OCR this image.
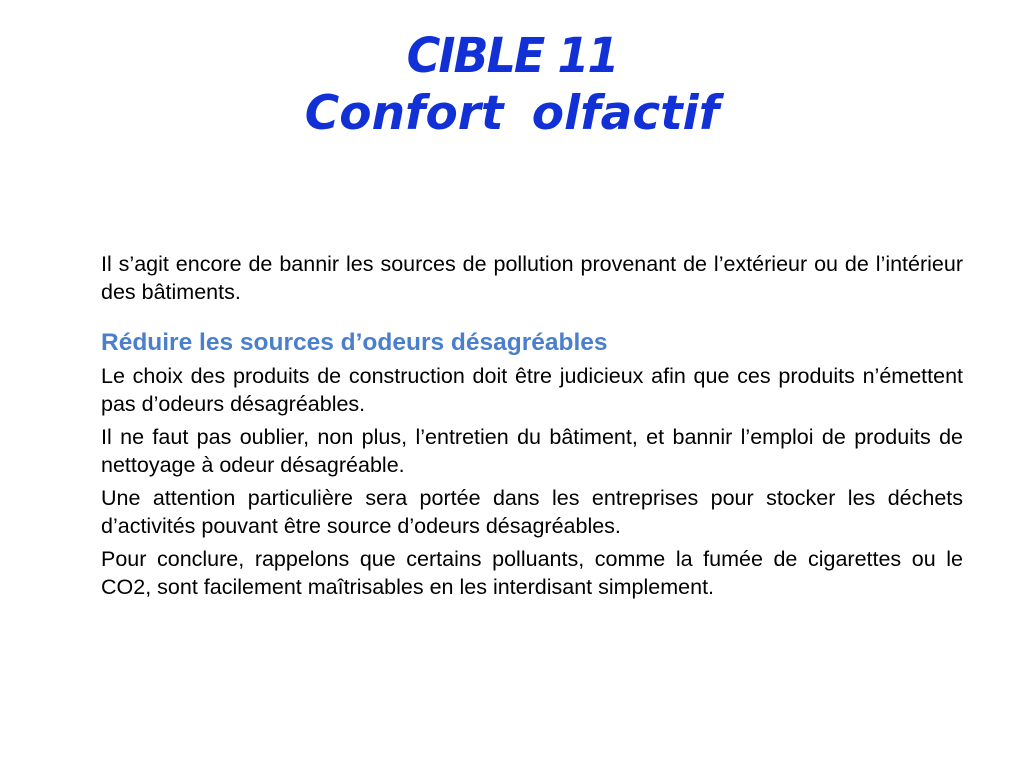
CIBLE 11
Confort olfactif

Il s’agit encore de bannir les sources de pollution provenant de l’extérieur ou de l’intérieur des bâtiments.

Réduire les sources d’odeurs désagréables

Le choix des produits de construction doit être judicieux afin que ces produits n’émettent pas d’odeurs désagréables.

Il ne faut pas oublier, non plus, l’entretien du bâtiment, et bannir l’emploi de produits de nettoyage à odeur désagréable.

Une attention particulière sera portée dans les entreprises pour stocker les déchets d’activités pouvant être source d’odeurs désagréables.

Pour conclure, rappelons que certains polluants, comme la fumée de cigarettes ou le CO2, sont facilement maîtrisables en les interdisant simplement.
